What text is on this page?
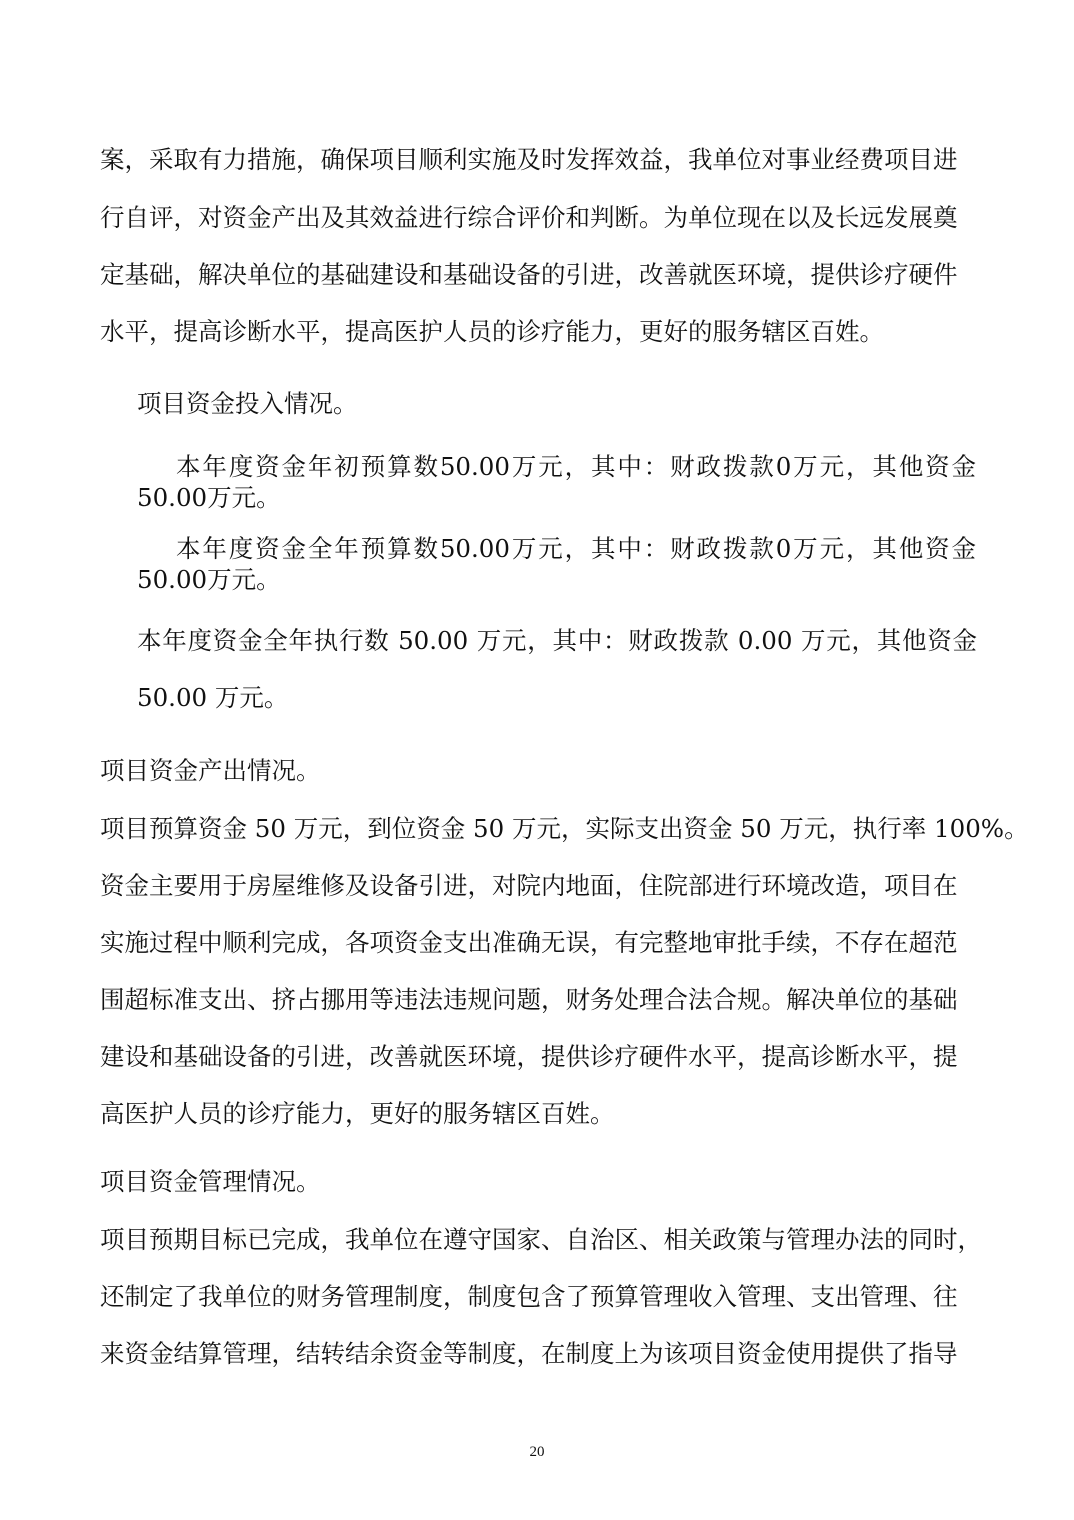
案，采取有力措施，确保项目顺利实施及时发挥效益，我单位对事业经费项目进
行自评，对资金产出及其效益进行综合评价和判断。为单位现在以及长远发展奠
定基础，解决单位的基础建设和基础设备的引进，改善就医环境，提供诊疗硬件
水平，提高诊断水平，提高医护人员的诊疗能力，更好的服务辖区百姓。
项目资金投入情况。
本年度资金年初预算数50.00万元，其中：财政拨款0万元，其他资金
50.00万元。
本年度资金全年预算数50.00万元，其中：财政拨款0万元，其他资金
50.00万元。
本年度资金全年执行数 50.00 万元，其中：财政拨款 0.00 万元，其他资金
50.00 万元。
项目资金产出情况。
项目预算资金 50 万元，到位资金 50 万元，实际支出资金 50 万元，执行率 100%。
资金主要用于房屋维修及设备引进，对院内地面，住院部进行环境改造，项目在
实施过程中顺利完成，各项资金支出准确无误，有完整地审批手续，不存在超范
围超标准支出、挤占挪用等违法违规问题，财务处理合法合规。解决单位的基础
建设和基础设备的引进，改善就医环境，提供诊疗硬件水平，提高诊断水平，提
高医护人员的诊疗能力，更好的服务辖区百姓。
项目资金管理情况。
项目预期目标已完成，我单位在遵守国家、自治区、相关政策与管理办法的同时，
还制定了我单位的财务管理制度，制度包含了预算管理收入管理、支出管理、往
来资金结算管理，结转结余资金等制度，在制度上为该项目资金使用提供了指导
20
